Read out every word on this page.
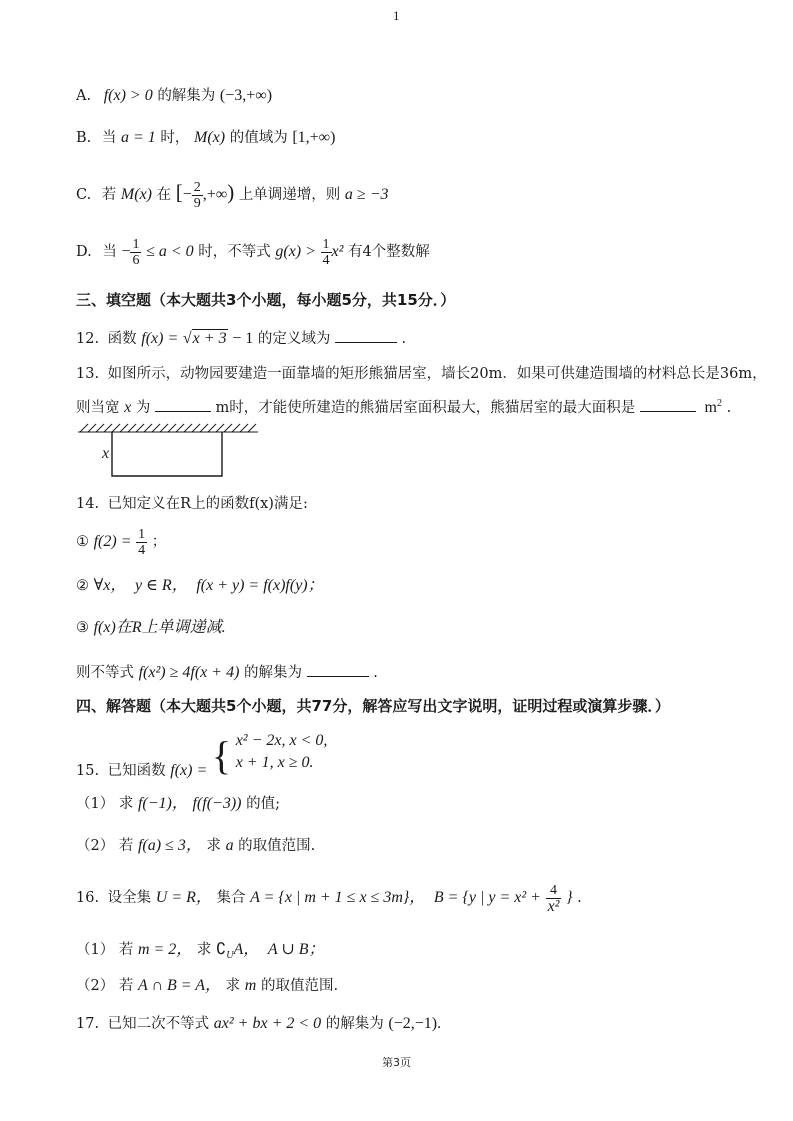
1
A. f(x) > 0 的解集为 (−3,+∞)
B. 当 a = 1 时， M(x) 的值域为 [1,+∞)
C. 若 M(x) 在 [− $\frac{2}{9}$ ,+∞) 上单调递增，则 a ≥ −3
D. 当 − $\frac{1}{6} \le a < 0$ 时，不等式 $g(x) > \frac{1}{4} x^2$ 有4个整数解
三、填空题（本大题共3个小题，每小题5分，共15分．）
12. 函数 f(x) = √x + 3 − 1 的定义域为	.
13. 如图所示，动物园要建造一面靠墙的矩形熊猫居室，墙长20m．如果可供建造围墙的材料总长是36m，
则当宽 x 为	m时，才能使所建造的熊猫居室面积最大，熊猫居室的最大面积是	$m^2$ .
x
14. 已知定义在R上的函数f(x)满足:
① $f(2) = \frac{1}{4}$ ；
② ∀x， y ∈ R， f(x + y) = f(x)f(y)；
③ f(x)在R上单调递减.
则不等式 f(x²) ≥ 4f(x + 4) 的解集为	.
四、解答题（本大题共5个小题，共77分，解答应写出文字说明，证明过程或演算步骤．）
15. 已知函数 f(x) = { x² − 2x, x < 0,
x + 1, x ≥ 0.
（1） 求 f(−1)， f(f(−3)) 的值;
（2） 若 f(a) ≤ 3， 求 a 的取值范围.
16. 设全集 U = R， 集合 A = {x | m + 1 ≤ x ≤ 3m}， B = {y | $y = x^2 + \frac{4}{\text{x²}}$ } .
（1） 若 m = 2， 求 $∁_UA$， A ∪ B；
（2） 若 A ∩ B = A， 求 m 的取值范围.
17. 已知二次不等式 ax² + bx + 2 < 0 的解集为 (−2,−1).
第3页
